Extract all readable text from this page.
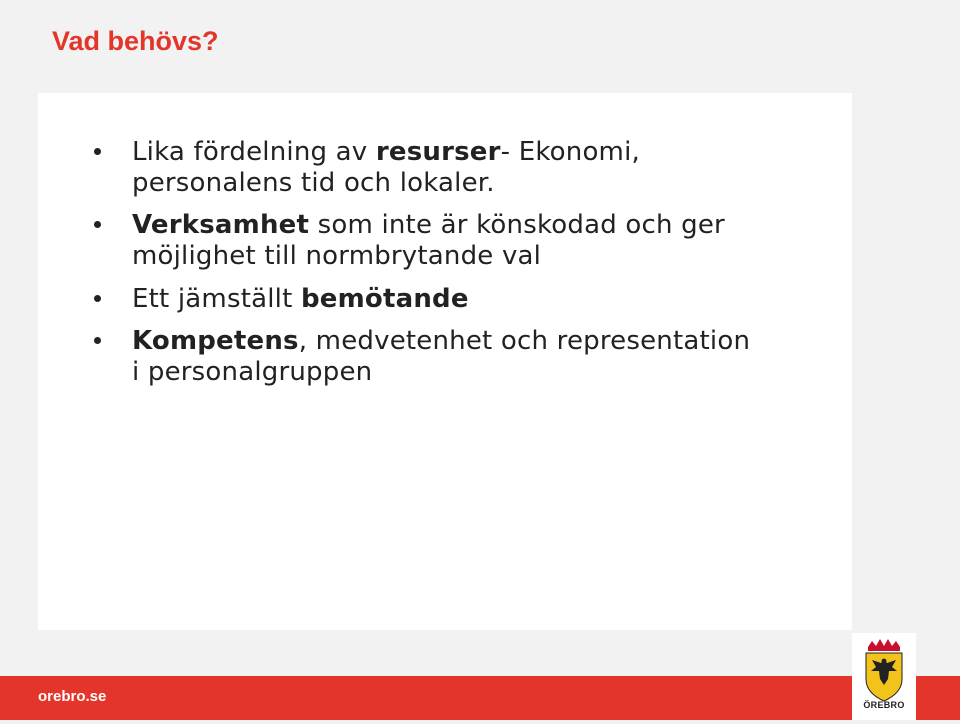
Vad behövs?
Lika fördelning av resurser- Ekonomi, personalens tid och lokaler.
Verksamhet som inte är könskodad och ger möjlighet till normbrytande val
Ett jämställt bemötande
Kompetens, medvetenhet och representation i personalgruppen
orebro.se	ÖREBRO
